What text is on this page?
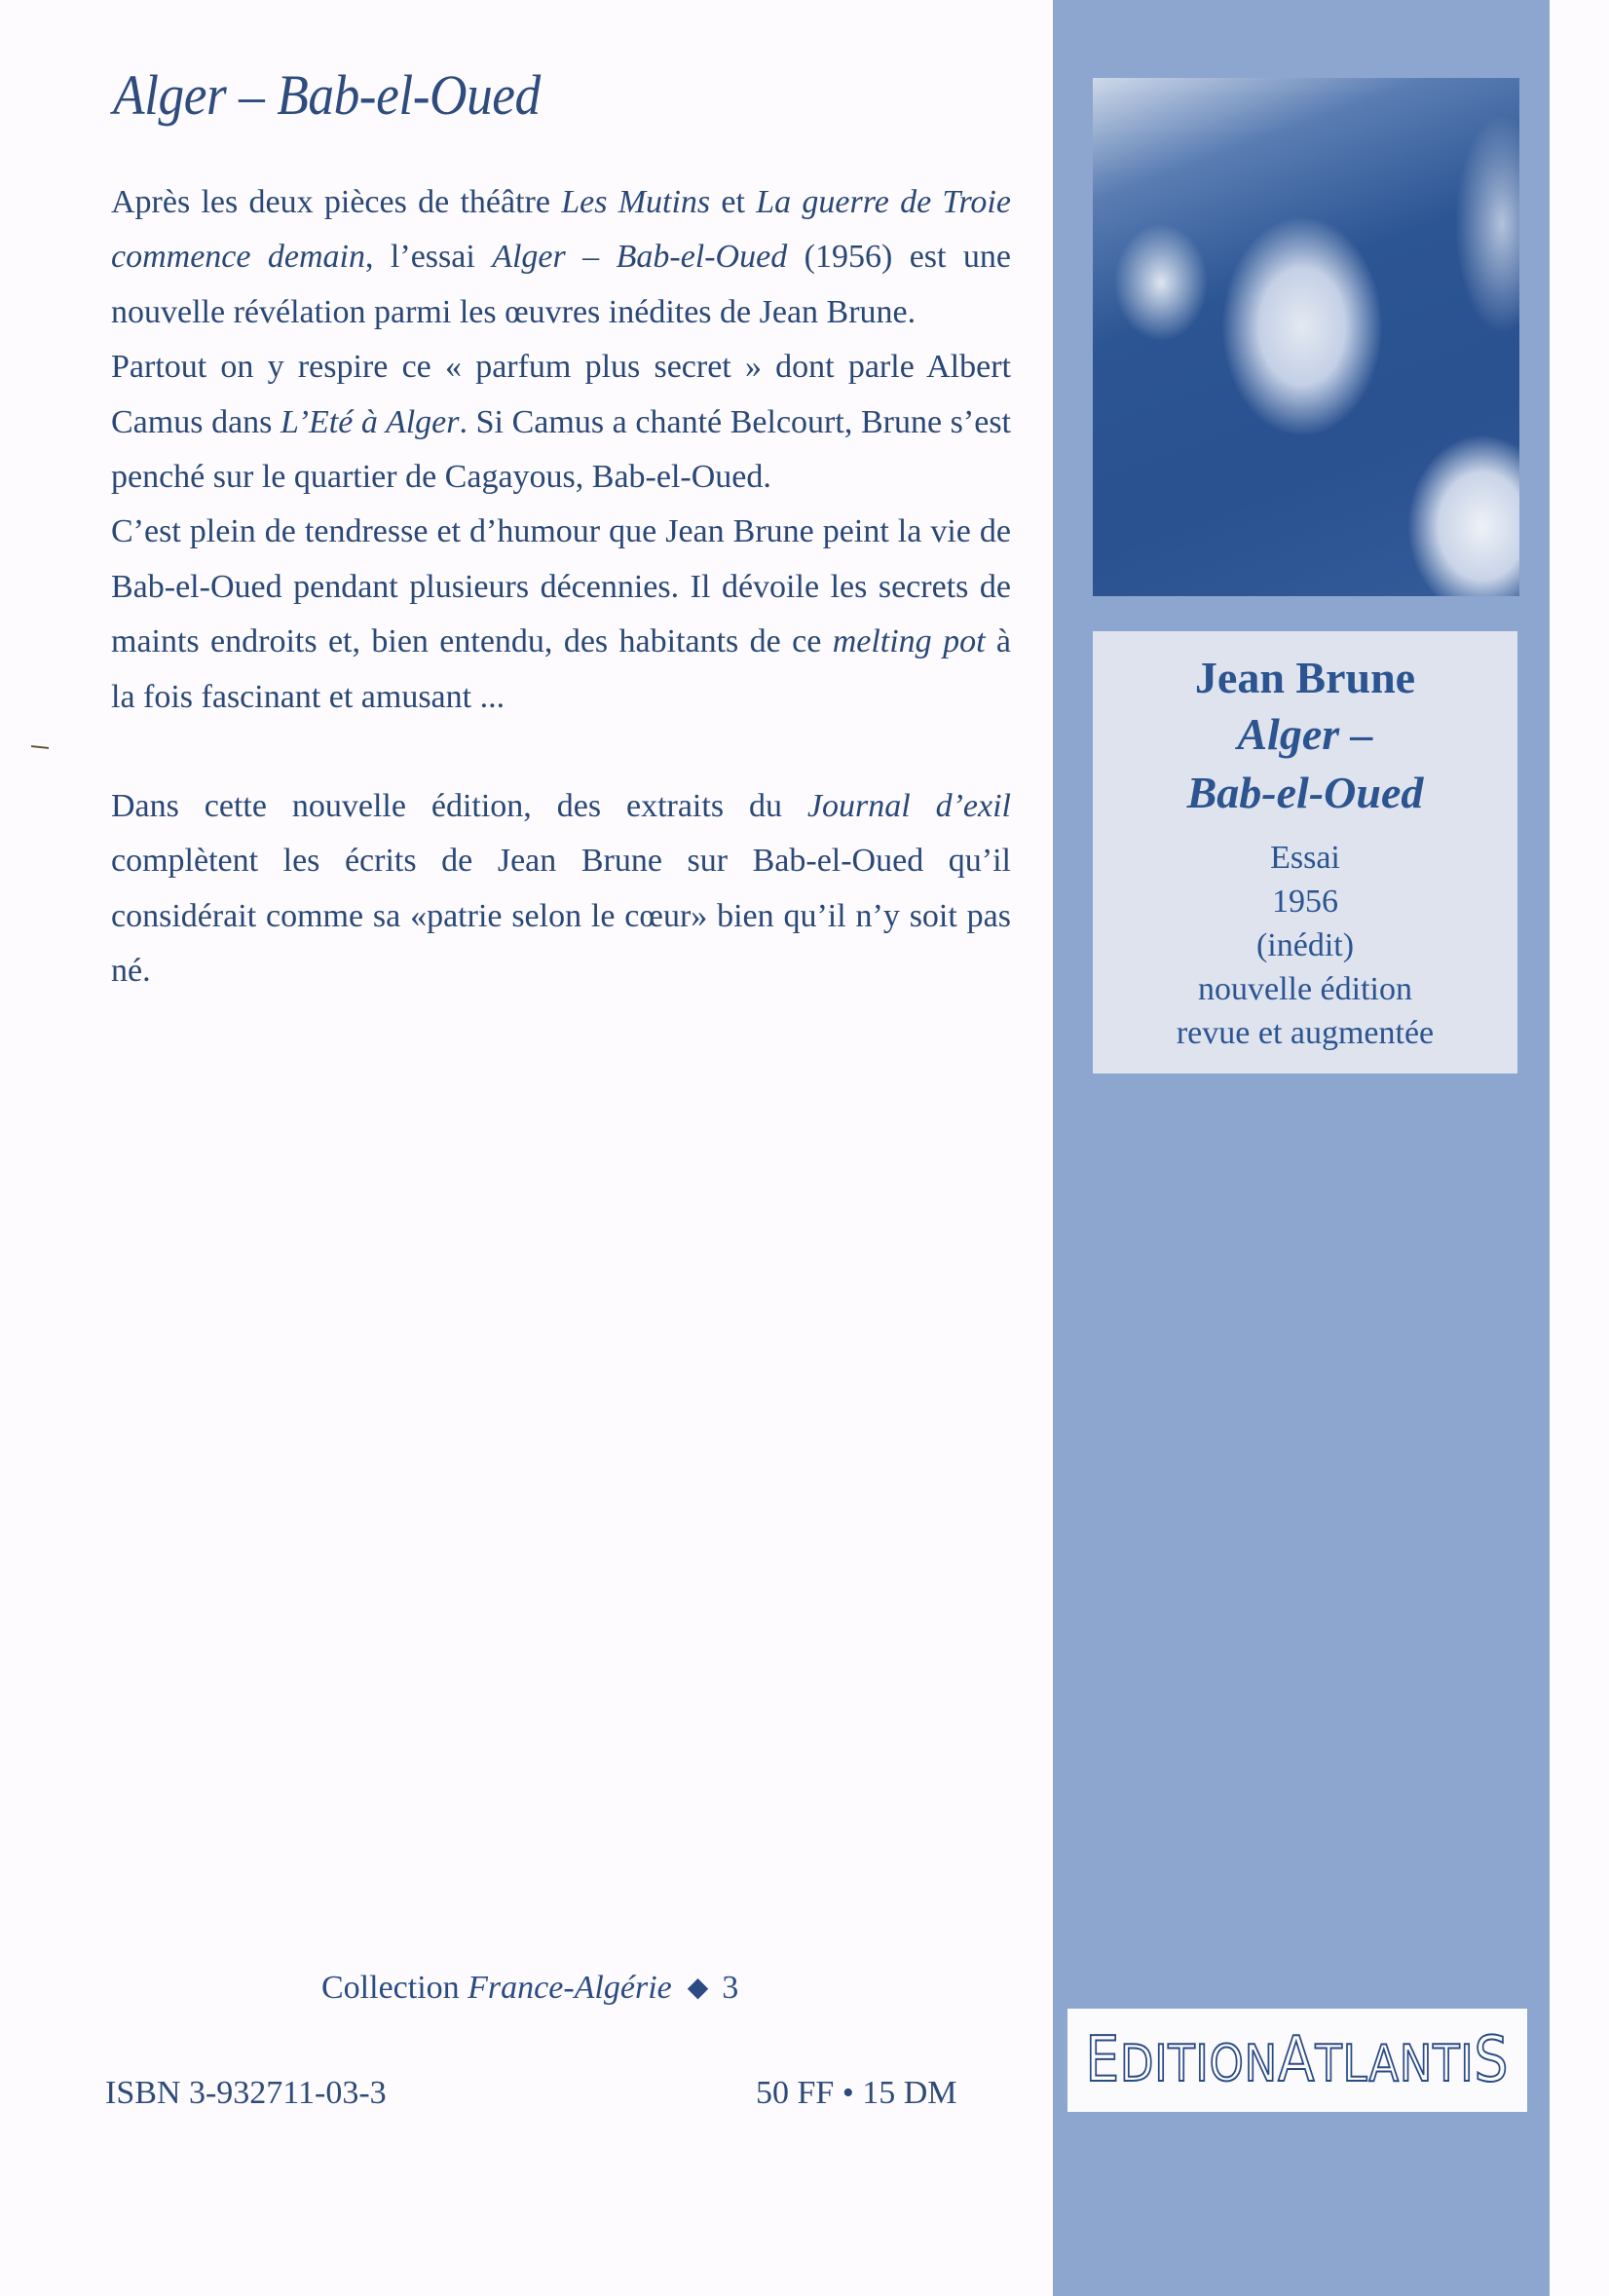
Alger – Bab-el-Oued

Après les deux pièces de théâtre Les Mutins et La guerre de Troie commence demain, l’essai Alger – Bab-el-Oued (1956) est une nouvelle révélation parmi les œuvres inédites de Jean Brune.

Partout on y respire ce « parfum plus secret » dont parle Albert Camus dans L’Eté à Alger. Si Camus a chanté Belcourt, Brune s’est penché sur le quartier de Cagayous, Bab-el-Oued.

C’est plein de tendresse et d’humour que Jean Brune peint la vie de Bab-el-Oued pendant plusieurs décennies. Il dévoile les secrets de maints endroits et, bien entendu, des habitants de ce melting pot à la fois fascinant et amusant ...

Dans cette nouvelle édition, des extraits du Journal d’exil complètent les écrits de Jean Brune sur Bab-el-Oued qu’il considérait comme sa «patrie selon le cœur» bien qu’il n’y soit pas né.

Collection France-Algérie ◆ 3
ISBN 3-932711-03-3	50 FF • 15 DM
Jean Brune
Alger –
Bab-el-Oued
Essai
1956
(inédit)
nouvelle édition
revue et augmentée
EDITIONATLANTIS
